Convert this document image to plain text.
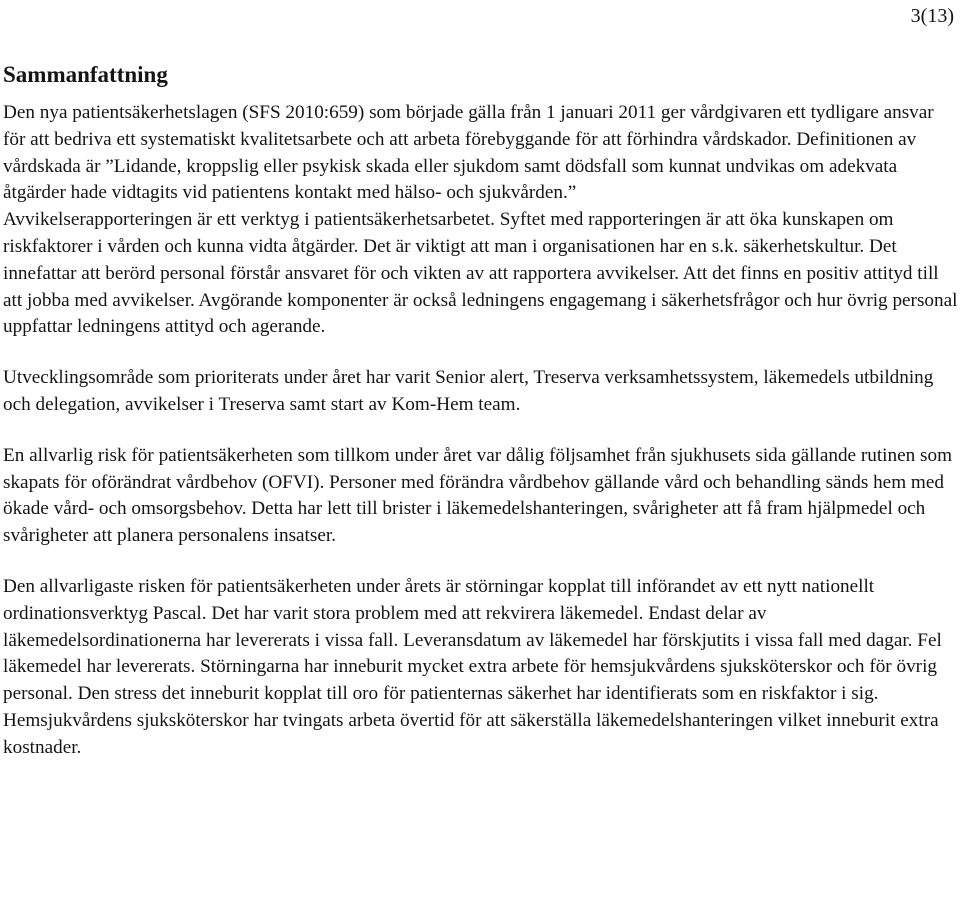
3(13)
Sammanfattning

Den nya patientsäkerhetslagen (SFS 2010:659) som började gälla från 1 januari 2011 ger vårdgivaren ett tydligare ansvar för att bedriva ett systematiskt kvalitetsarbete och att arbeta förebyggande för att förhindra vårdskador. Definitionen av vårdskada är ”Lidande, kroppslig eller psykisk skada eller sjukdom samt dödsfall som kunnat undvikas om adekvata åtgärder hade vidtagits vid patientens kontakt med hälso- och sjukvården.”

Avvikelserapporteringen är ett verktyg i patientsäkerhetsarbetet. Syftet med rapporteringen är att öka kunskapen om riskfaktorer i vården och kunna vidta åtgärder. Det är viktigt att man i organisationen har en s.k. säkerhetskultur. Det innefattar att berörd personal förstår ansvaret för och vikten av att rapportera avvikelser. Att det finns en positiv attityd till att jobba med avvikelser. Avgörande komponenter är också ledningens engagemang i säkerhetsfrågor och hur övrig personal uppfattar ledningens attityd och agerande.

Utvecklingsområde som prioriterats under året har varit Senior alert, Treserva verksamhetssystem, läkemedels utbildning och delegation, avvikelser i Treserva samt start av Kom-Hem team.

En allvarlig risk för patientsäkerheten som tillkom under året var dålig följsamhet från sjukhusets sida gällande rutinen som skapats för oförändrat vårdbehov (OFVI). Personer med förändra vårdbehov gällande vård och behandling sänds hem med ökade vård- och omsorgsbehov. Detta har lett till brister i läkemedelshanteringen, svårigheter att få fram hjälpmedel och svårigheter att planera personalens insatser.

Den allvarligaste risken för patientsäkerheten under årets är störningar kopplat till införandet av ett nytt nationellt ordinationsverktyg Pascal. Det har varit stora problem med att rekvirera läkemedel. Endast delar av läkemedelsordinationerna har levererats i vissa fall. Leveransdatum av läkemedel har förskjutits i vissa fall med dagar. Fel läkemedel har levererats. Störningarna har inneburit mycket extra arbete för hemsjukvårdens sjuksköterskor och för övrig personal. Den stress det inneburit kopplat till oro för patienternas säkerhet har identifierats som en riskfaktor i sig. Hemsjukvårdens sjuksköterskor har tvingats arbeta övertid för att säkerställa läkemedelshanteringen vilket inneburit extra kostnader.
